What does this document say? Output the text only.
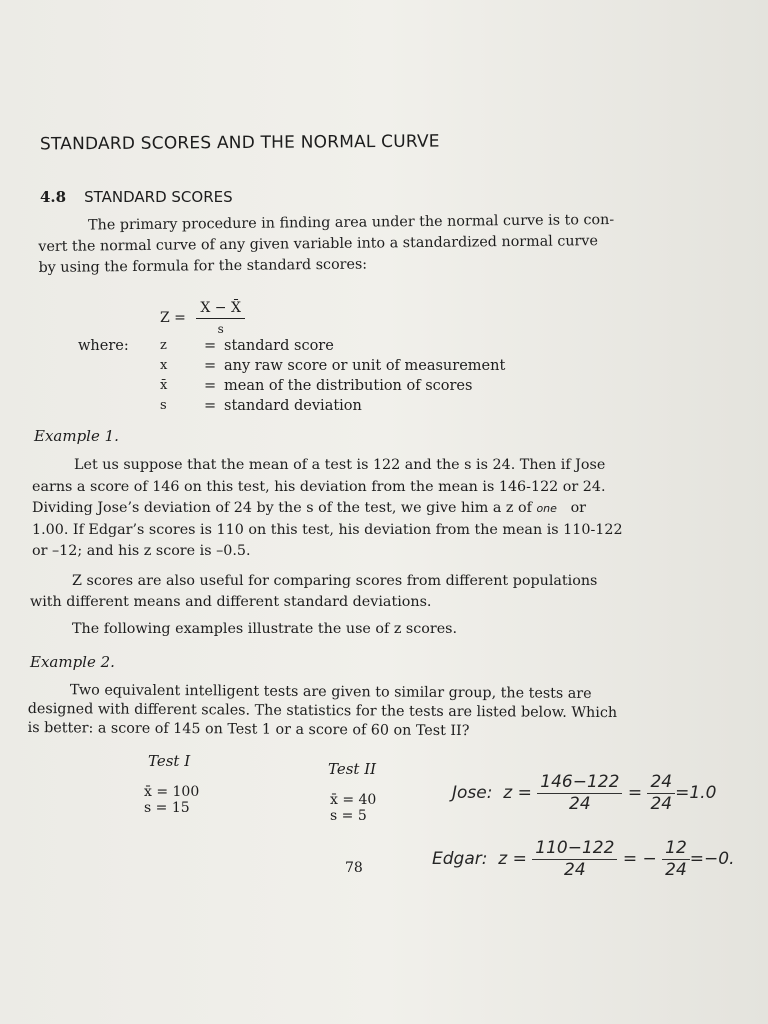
STANDARD SCORES AND THE NORMAL CURVE
4.8 STANDARD SCORES
The primary procedure in finding area under the normal curve is to con-
vert the normal curve of any given variable into a standardized normal curve
by using the formula for the standard scores:
$Z = \frac{X - X̄}{s}$
where:	z	=	standard score
	x	=	any raw score or unit of measurement
	x̄	=	mean of the distribution of scores
	s	=	standard deviation
Example 1.
Let us suppose that the mean of a test is 122 and the s is 24. Then if Jose
earns a score of 146 on this test, his deviation from the mean is 146-122 or 24.
Dividing Jose’s deviation of 24 by the s of the test, we give him a z of one or
1.00. If Edgar’s scores is 110 on this test, his deviation from the mean is 110-122
or –12; and his z score is –0.5.
Z scores are also useful for comparing scores from different populations
with different means and different standard deviations.
The following examples illustrate the use of z scores.
Example 2.
Two equivalent intelligent tests are given to similar group, the tests are
designed with different scales. The statistics for the tests are listed below. Which
is better: a score of 145 on Test 1 or a score of 60 on Test II?
Test I
x̄ = 100
s = 15
Test II
x̄ = 40
s = 5
Jose: $z = \frac{146-122}{24} = \frac{24}{24} =1.0$
Edgar: $z = \frac{110-122}{24}$ = − $\frac{12}{24} =-0$.
78
